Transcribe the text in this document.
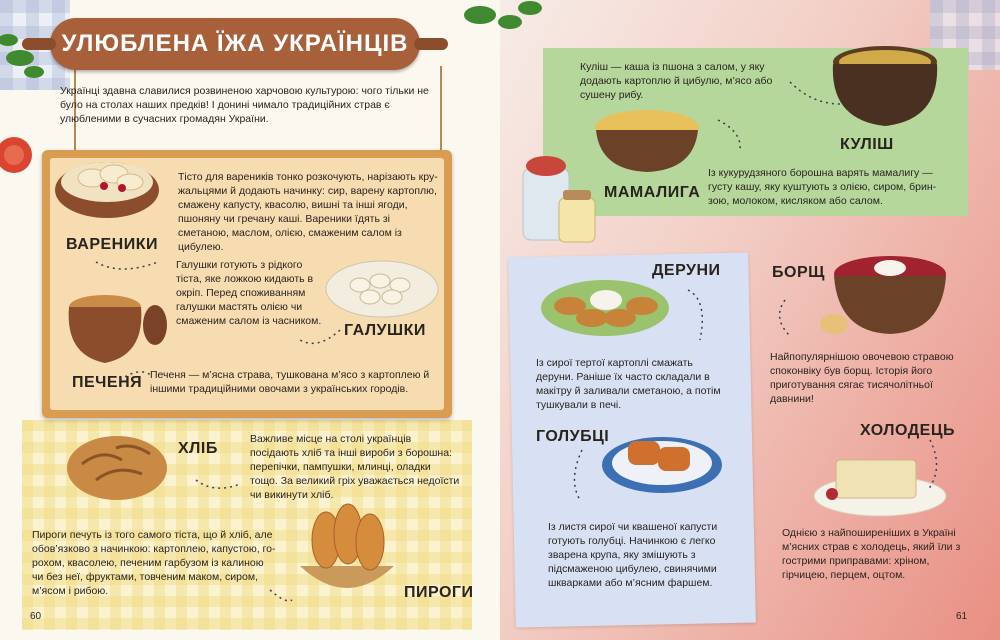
УЛЮБЛЕНА ЇЖА УКРАЇНЦІВ
Українці здавна славилися розвиненою харчовою культурою: чого тільки не було на столах наших предків! І донині чимало традиційних страв є улюбленими в сучасних громадян України.
ВАРЕНИКИ
Тісто для вареників тонко розкочують, нарізають кружальцями й додають начинку: сир, варену картоплю, смажену капусту, квасолю, вишні та інші ягоди, пшоняну чи гречану каші. Вареники їдять зі сметаною, маслом, олією, смаженим салом із цибулею.
Галушки готують з рідкого тіста, яке ложкою кидають в окріп. Перед споживанням галушки мастять олією чи смаженим салом із часником.
ГАЛУШКИ
ПЕЧЕНЯ Печеня — м’ясна страва, тушкована м’ясо з картоплею й іншими традиційними овочами з українських городів.
ХЛІБ
Важливе місце на столі українців посідають хліб та інші вироби з борошна: перепічки, пампушки, млинці, оладки тощо. За великий гріх уважається недоїсти чи викинути хліб.
Пироги печуть із того самого тіста, що й хліб, але обов’язково з начинкою: картоплею, капустою, горохом, квасолею, печеним гарбузом із калиною чи без неї, фруктами, товченим маком, сиром, м’ясом і рибою.	ПИРОГИ
60
Куліш — каша із пшона з салом, у яку додають картоплю й цибулю, м’ясо або сушену рибу.
КУЛІШ
МАМАЛИГА
Із кукурудзяного борошна варять мамалигу — густу кашу, яку куштують з олією, сиром, бринзою, молоком, кисляком або салом.
ДЕРУНИ
Із сирої тертої картоплі смажать деруни. Раніше їх часто складали в макітру й заливали сметаною, а потім тушкували в печі.
ГОЛУБЦІ
Із листя сирої чи квашеної капусти готують голубці. Начинкою є легко зварена крупа, яку змішують з підсмаженою цибулею, свинячими шкварками або м’ясним фаршем.
БОРЩ
Найпопулярнішою овочевою стравою споконвіку був борщ. Історія його приготування сягає тисячолітньої давнини!
ХОЛОДЕЦЬ
Однією з найпоширеніших в Україні м’ясних страв є холодець, який їли з гострими приправами: хріном, гірчицею, перцем, оцтом.
61
